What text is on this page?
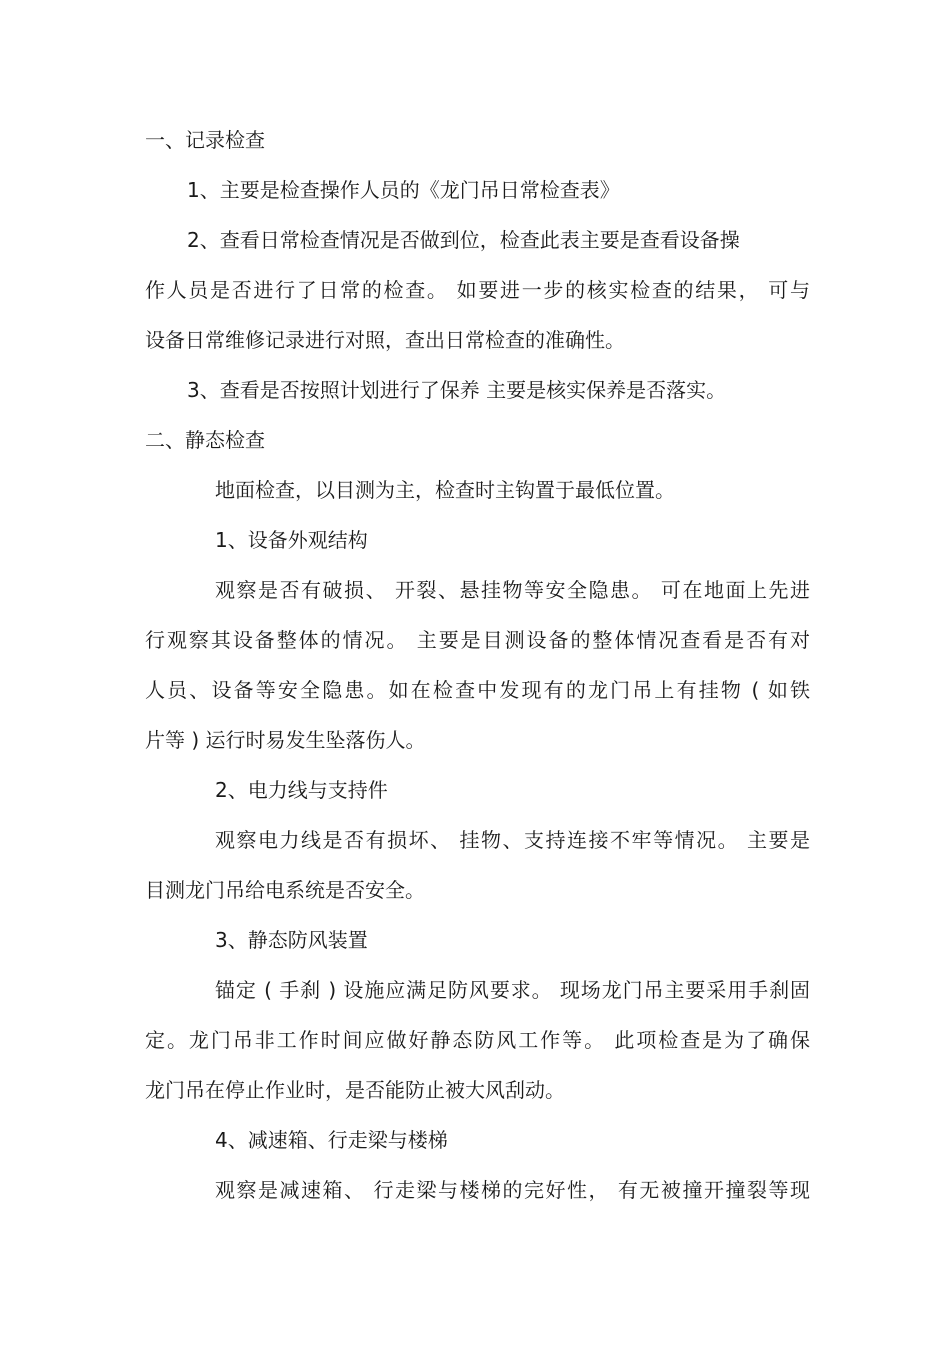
一、记录检查
1、主要是检查操作人员的《龙门吊日常检查表》
2、查看日常检查情况是否做到位，检查此表主要是查看设备操
作人员是否进行了日常的检查。 如要进一步的核实检查的结果， 可与
设备日常维修记录进行对照，查出日常检查的准确性。
3、查看是否按照计划进行了保养 主要是核实保养是否落实。
二、静态检查
地面检查，以目测为主，检查时主钩置于最低位置。
1、设备外观结构
观察是否有破损、 开裂、悬挂物等安全隐患。 可在地面上先进
行观察其设备整体的情况。 主要是目测设备的整体情况查看是否有对
人员、设备等安全隐患。如在检查中发现有的龙门吊上有挂物 ( 如铁
片等 ) 运行时易发生坠落伤人。
2、电力线与支持件
观察电力线是否有损坏、 挂物、支持连接不牢等情况。 主要是
目测龙门吊给电系统是否安全。
3、静态防风装置
锚定 ( 手刹 ) 设施应满足防风要求。 现场龙门吊主要采用手刹固
定。龙门吊非工作时间应做好静态防风工作等。 此项检查是为了确保
龙门吊在停止作业时，是否能防止被大风刮动。
4、减速箱、行走梁与楼梯
观察是减速箱、 行走梁与楼梯的完好性， 有无被撞开撞裂等现
